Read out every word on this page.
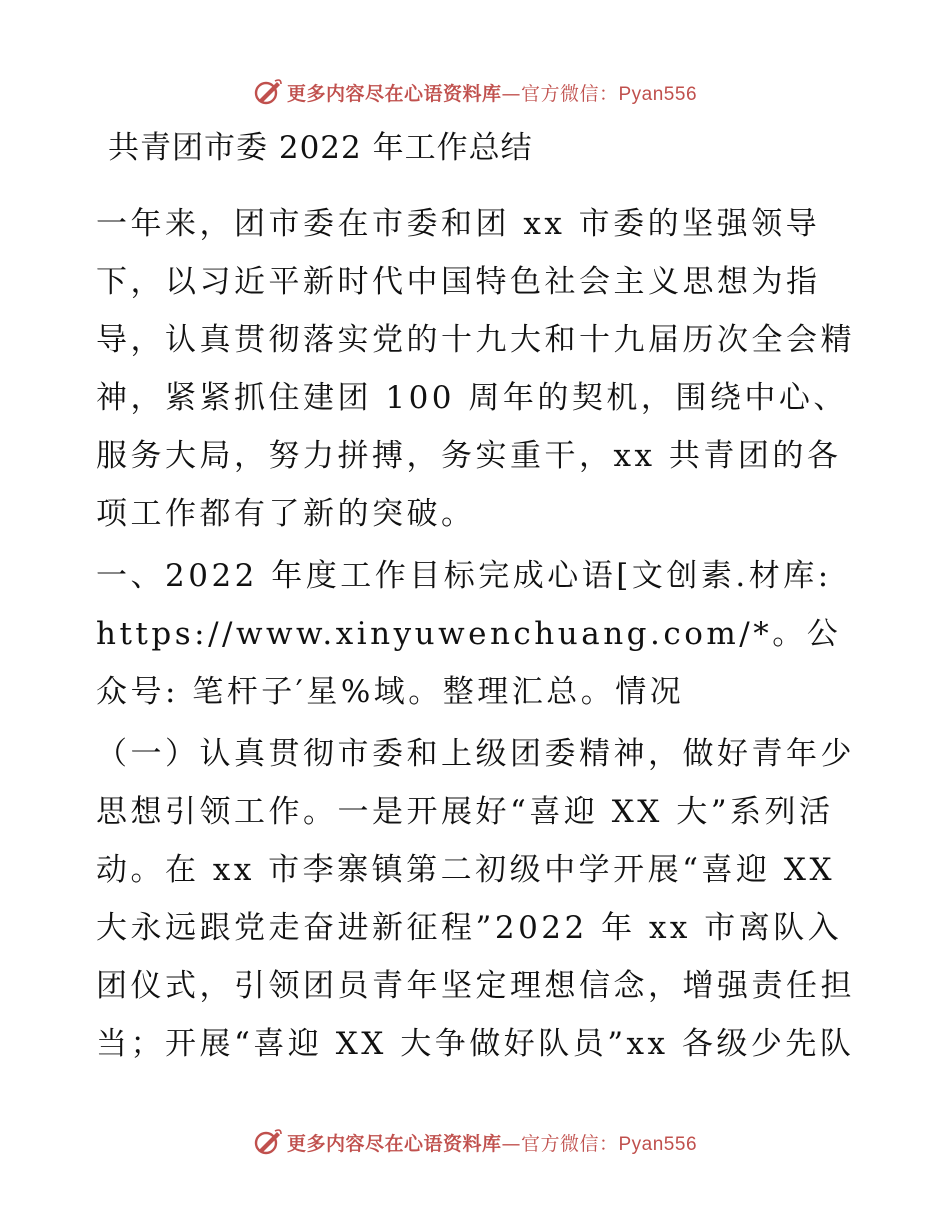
更多内容尽在心语资料库—官方微信：Pyan556
共青团市委 2022 年工作总结

一年来，团市委在市委和团 xx 市委的坚强领导下，以习近平新时代中国特色社会主义思想为指导，认真贯彻落实党的十九大和十九届历次全会精神，紧紧抓住建团 100 周年的契机，围绕中心、服务大局，努力拼搏，务实重干，xx 共青团的各项工作都有了新的突破。

一、2022 年度工作目标完成心语[文创素.材库: https://www.xinyuwenchuang.com/*。公众号: 笔杆子′星%域。整理汇总。情况

（一）认真贯彻市委和上级团委精神，做好青年少思想引领工作。一是开展好“喜迎 XX 大”系列活动。在 xx 市李寨镇第二初级中学开展“喜迎 XX 大永远跟党走奋进新征程”2022 年 xx 市离队入团仪式，引领团员青年坚定理想信念，增强责任担当；开展“喜迎 XX 大争做好队员”xx 各级少先队

更多内容尽在心语资料库—官方微信：Pyan556
